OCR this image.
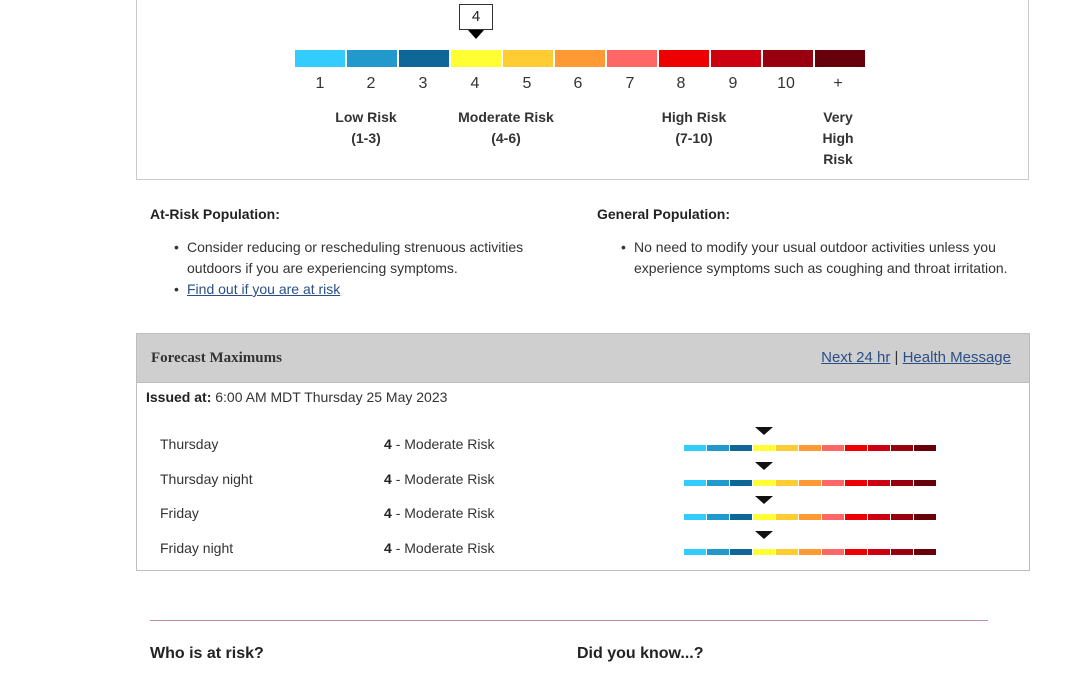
4
1	2	3	4	5	6	7	8	9	10	+
Low Risk
(1-3)
Moderate Risk
(4-6)
High Risk
(7-10)
Very
High
Risk
At-Risk Population:
• Consider reducing or rescheduling strenuous activities outdoors if you are experiencing symptoms.
• Find out if you are at risk
General Population:
• No need to modify your usual outdoor activities unless you experience symptoms such as coughing and throat irritation.
Forecast Maximums	Next 24 hr | Health Message
Issued at: 6:00 AM MDT Thursday 25 May 2023
Thursday	4 - Moderate Risk
Thursday night	4 - Moderate Risk
Friday	4 - Moderate Risk
Friday night	4 - Moderate Risk
Who is at risk?	Did you know...?
